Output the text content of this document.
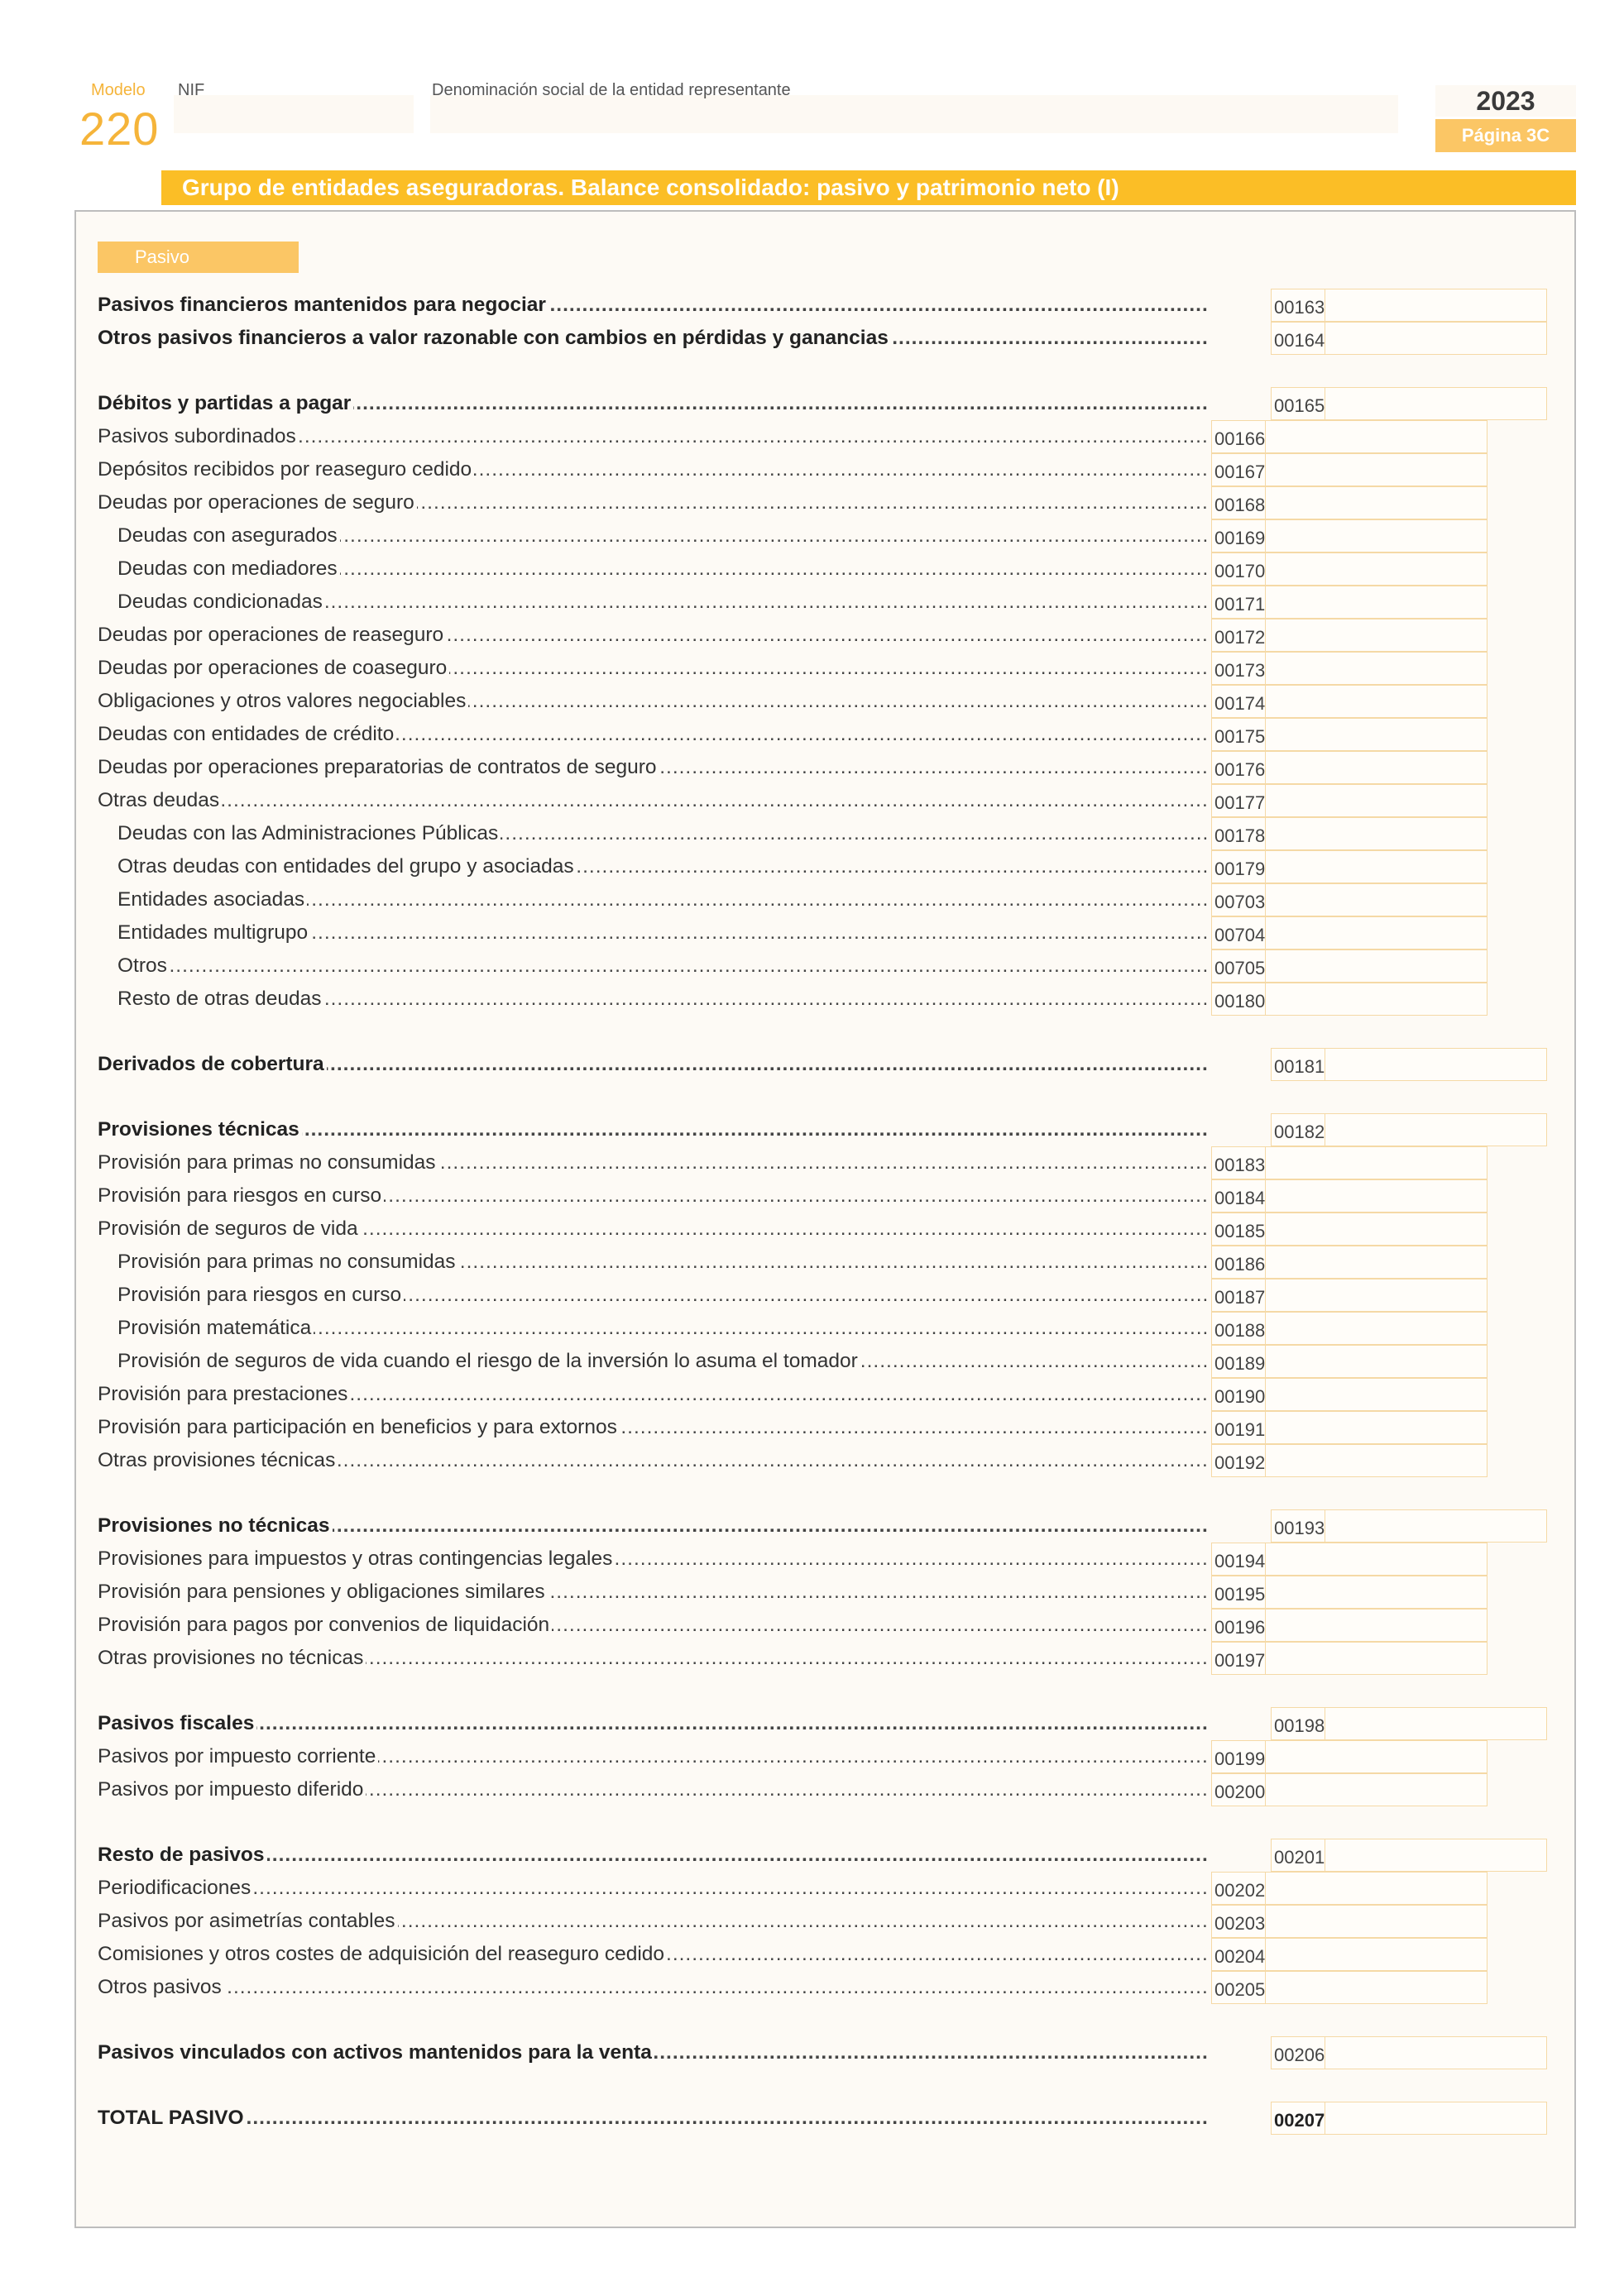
Modelo
220
NIF	Denominación social de la entidad representante	2023
Página 3C
Grupo de entidades aseguradoras. Balance consolidado: pasivo y patrimonio neto (I)
Pasivo
Pasivos financieros mantenidos para negociar .....	00163
Otros pasivos financieros a valor razonable con cambios en pérdidas y ganancias .....	00164
Débitos y partidas a pagar .....	00165
Pasivos subordinados .....	00166
Depósitos recibidos por reaseguro cedido .....	00167
Deudas por operaciones de seguro .....	00168
Deudas con asegurados .....	00169
Deudas con mediadores .....	00170
Deudas condicionadas .....	00171
Deudas por operaciones de reaseguro .....	00172
Deudas por operaciones de coaseguro .....	00173
Obligaciones y otros valores negociables .....	00174
Deudas con entidades de crédito .....	00175
Deudas por operaciones preparatorias de contratos de seguro .....	00176
Otras deudas .....	00177
Deudas con las Administraciones Públicas .....	00178
Otras deudas con entidades del grupo y asociadas .....	00179
Entidades asociadas .....	00703
Entidades multigrupo .....	00704
Otros .....	00705
Resto de otras deudas .....	00180
Derivados de cobertura .....	00181
Provisiones técnicas .....	00182
Provisión para primas no consumidas .....	00183
Provisión para riesgos en curso .....	00184
Provisión de seguros de vida .....	00185
Provisión para primas no consumidas .....	00186
Provisión para riesgos en curso .....	00187
Provisión matemática .....	00188
Provisión de seguros de vida cuando el riesgo de la inversión lo asuma el tomador .....	00189
Provisión para prestaciones .....	00190
Provisión para participación en beneficios y para extornos .....	00191
Otras provisiones técnicas .....	00192
Provisiones no técnicas .....	00193
Provisiones para impuestos y otras contingencias legales .....	00194
Provisión para pensiones y obligaciones similares .....	00195
Provisión para pagos por convenios de liquidación .....	00196
Otras provisiones no técnicas .....	00197
Pasivos fiscales .....	00198
Pasivos por impuesto corriente .....	00199
Pasivos por impuesto diferido .....	00200
Resto de pasivos .....	00201
Periodificaciones .....	00202
Pasivos por asimetrías contables .....	00203
Comisiones y otros costes de adquisición del reaseguro cedido .....	00204
Otros pasivos .....	00205
Pasivos vinculados con activos mantenidos para la venta .....	00206
TOTAL PASIVO .....	00207
